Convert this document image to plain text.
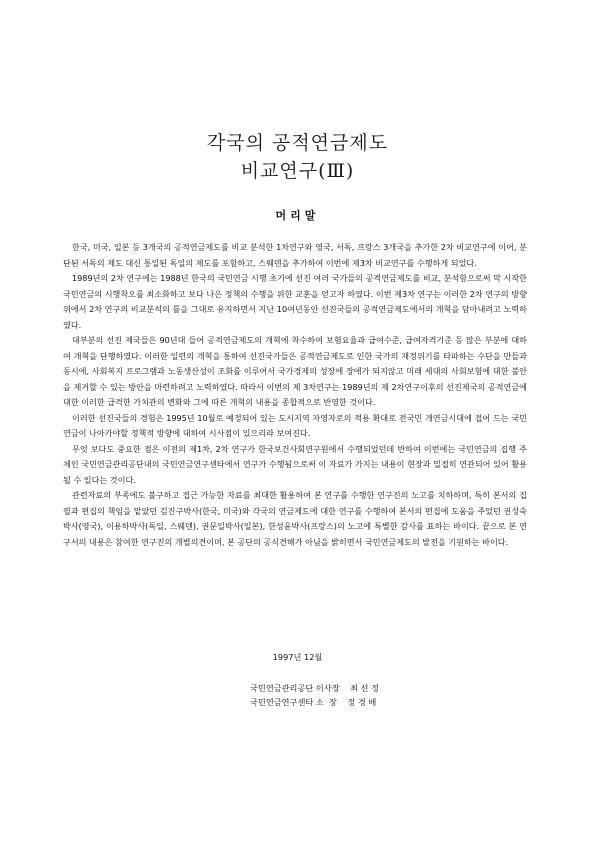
각국의 공적연금제도
비교연구(Ⅲ)
머리말

한국, 미국, 일본 등 3개국의 공적연금제도를 비교 분석한 1차연구와 영국, 서독, 프랑스 3개국을 추가한 2차 비교연구에 이어, 분단된 서독의 제도 대신 통일된 독일의 제도를 포함하고, 스웨덴을 추가하여 이번에 제3차 비교연구를 수행하게 되었다.

1989년의 2차 연구에는 1988년 한국의 국민연금 시행 초기에 선진 여러 국가들의 공적연금제도를 비교, 분석함으로써 막 시작한 국민연금의 시행착오를 최소화하고 보다 나은 정책의 수행을 위한 교훈을 얻고자 하였다. 이번 제3차 연구는 이러한 2차 연구의 방향위에서 2차 연구의 비교분석의 틀을 그대로 유지하면서 지난 10여년동안 선진국들의 공적연금제도에서의 개혁을 담아내려고 노력하였다.

대부분의 선진 제국들은 90년대 들어 공적연금제도의 개혁에 착수하여 보험요율과 급여수준, 급여자격기준 등 많은 부분에 대하여 개혁을 단행하였다. 이러한 일련의 개혁을 통하여 선진국가들은 공적연금제도로 인한 국가의 재정위기를 타파하는 수단을 만들과 동시에, 사회복지 프로그램과 노동생산성이 조화를 이루어서 국가경제의 성장에 장애가 되지않고 미래 세대의 사회보험에 대한 불안을 제거할 수 있는 방안을 마련하려고 노력하였다. 따라서 이번의 제 3차연구는 1989년의 제 2차연구이후의 선진제국의 공적연금에 대한 이러한 급격한 가치관의 변화와 그에 따른 개혁의 내용을 종합적으로 반영한 것이다.

이러한 선진국들의 경험은 1995년 10월로 예정되어 있는 도시지역 자영자로의 적용 확대로 전국민 개연금시대에 접어 드는 국민연금이 나아가야할 정책적 방향에 대하여 시사점이 있으리라 보여진다.

무엇 보다도 중요한 점은 이전의 제1차, 2차 연구가 한국보건사회연구원에서 수행되었던데 반하여 이번에는 국민연금의 집행 주체인 국민연금관리공단내의 국민연금연구센타에서 연구가 수행됨으로써 이 자료가 가지는 내용이 현장과 밀접히 연관되어 있어 활용될 수 있다는 것이다.

관련자료의 부족에도 불구하고 접근 가능한 자료를 최대한 활용하여 본 연구를 수행한 연구진의 노고를 치하하며, 특히 본서의 집필과 편집의 책임을 맡았던 김진구박사(한국, 미국)와 각국의 연금제도에 대한 연구를 수행하여 본서의 편집에 도움을 주었던 권성숙박사(영국), 이용하박사(독일, 스웨덴), 권문일박사(일본), 한성윤박사(프랑스)의 노고에 특별한 감사를 표하는 바이다. 끝으로 본 연구서의 내용은 참여한 연구진의 개별의견이며, 본 공단의 공식견해가 아님을 밝히면서 국민연금제도의 발전을 기원하는 바이다.

1997년 12월
국민연금관리공단 이사장    최 선 정
국민연금연구센타 소  장    정 경 배
